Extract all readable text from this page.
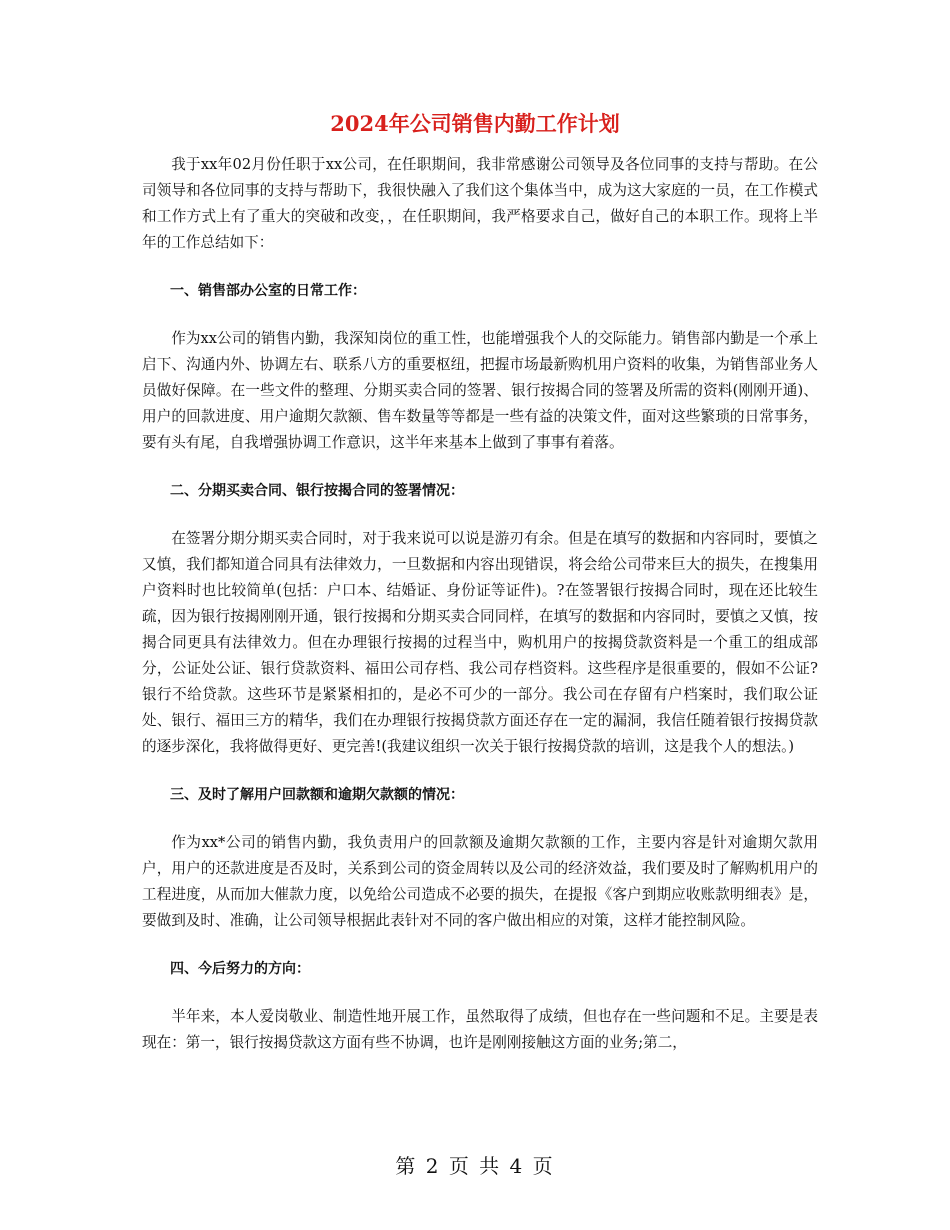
2024年公司销售内勤工作计划

我于xx年02月份任职于xx公司，在任职期间，我非常感谢公司领导及各位同事的支持与帮助。在公司领导和各位同事的支持与帮助下，我很快融入了我们这个集体当中，成为这大家庭的一员，在工作模式和工作方式上有了重大的突破和改变，，在任职期间，我严格要求自己，做好自己的本职工作。现将上半年的工作总结如下：

一、销售部办公室的日常工作：

作为xx公司的销售内勤，我深知岗位的重工性，也能增强我个人的交际能力。销售部内勤是一个承上启下、沟通内外、协调左右、联系八方的重要枢纽，把握市场最新购机用户资料的收集，为销售部业务人员做好保障。在一些文件的整理、分期买卖合同的签署、银行按揭合同的签署及所需的资料(刚刚开通)、用户的回款进度、用户逾期欠款额、售车数量等等都是一些有益的决策文件，面对这些繁琐的日常事务，要有头有尾，自我增强协调工作意识，这半年来基本上做到了事事有着落。

二、分期买卖合同、银行按揭合同的签署情况：

在签署分期分期买卖合同时，对于我来说可以说是游刃有余。但是在填写的数据和内容同时，要慎之又慎，我们都知道合同具有法律效力，一旦数据和内容出现错误，将会给公司带来巨大的损失，在搜集用户资料时也比较简单(包括：户口本、结婚证、身份证等证件)。?在签署银行按揭合同时，现在还比较生疏，因为银行按揭刚刚开通，银行按揭和分期买卖合同同样，在填写的数据和内容同时，要慎之又慎，按揭合同更具有法律效力。但在办理银行按揭的过程当中，购机用户的按揭贷款资料是一个重工的组成部分，公证处公证、银行贷款资料、福田公司存档、我公司存档资料。这些程序是很重要的，假如不公证?银行不给贷款。这些环节是紧紧相扣的，是必不可少的一部分。我公司在存留有户档案时，我们取公证处、银行、福田三方的精华，我们在办理银行按揭贷款方面还存在一定的漏洞，我信任随着银行按揭贷款的逐步深化，我将做得更好、更完善!(我建议组织一次关于银行按揭贷款的培训，这是我个人的想法。)

三、及时了解用户回款额和逾期欠款额的情况：

作为xx*公司的销售内勤，我负责用户的回款额及逾期欠款额的工作，主要内容是针对逾期欠款用户，用户的还款进度是否及时，关系到公司的资金周转以及公司的经济效益，我们要及时了解购机用户的工程进度，从而加大催款力度，以免给公司造成不必要的损失，在提报《客户到期应收账款明细表》是，要做到及时、准确，让公司领导根据此表针对不同的客户做出相应的对策，这样才能控制风险。

四、今后努力的方向：

半年来，本人爱岗敬业、制造性地开展工作，虽然取得了成绩，但也存在一些问题和不足。主要是表现在：第一，银行按揭贷款这方面有些不协调，也许是刚刚接触这方面的业务;第二，

第 2 页 共 4 页
